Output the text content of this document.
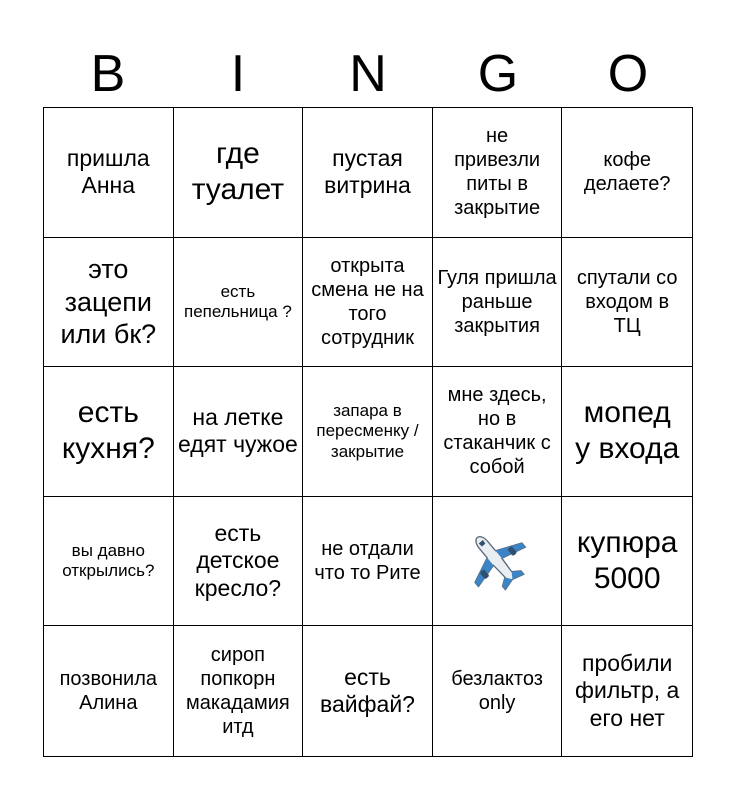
B	I	N	G	O
пришла Анна
где туалет
пустая витрина
не привезли питы в закрытие
кофе делаете?
это зацепи или бк?
есть пепельница ?
открыта смена не на того сотрудник
Гуля пришла раньше закрытия
спутали со входом в ТЦ
есть кухня?
на летке едят чужое
запара в пересменку / закрытие
мне здесь, но в стаканчик с собой
мопед у входа
вы давно открылись?
есть детское кресло?
не отдали что то Рите
купюра 5000
позвонила Алина
сироп попкорн макадамия итд
есть вайфай?
безлактоз only
пробили фильтр, а его нет
